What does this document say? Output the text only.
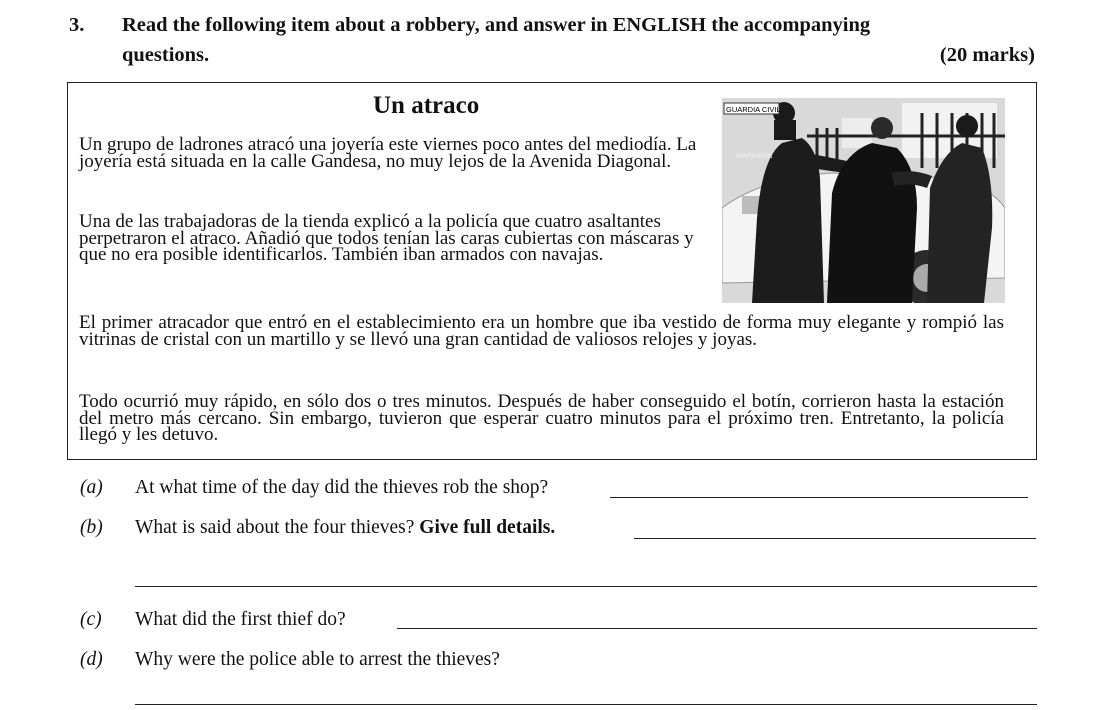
3. Read the following item about a robbery, and answer in ENGLISH the accompanying
questions.	(20 marks)
Un atraco
Un grupo de ladrones atracó una joyería este viernes poco antes del mediodía. La joyería está situada en la calle Gandesa, no muy lejos de la Avenida Diagonal.
Una de las trabajadoras de la tienda explicó a la policía que cuatro asaltantes perpetraron el atraco. Añadió que todos tenían las caras cubiertas con máscaras y que no era posible identificarlos. También iban armados con navajas.
El primer atracador que entró en el establecimiento era un hombre que iba vestido de forma muy elegante y rompió las vitrinas de cristal con un martillo y se llevó una gran cantidad de valiosos relojes y joyas.
Todo ocurrió muy rápido, en sólo dos o tres minutos. Después de haber conseguido el botín, corrieron hasta la estación del metro más cercano. Sin embargo, tuvieron que esperar cuatro minutos para el próximo tren. Entretanto, la policía llegó y les detuvo.
GUARDIA CIVIL
MINTERIOR
(a) At what time of the day did the thieves rob the shop?
(b) What is said about the four thieves? Give full details.
(c) What did the first thief do?
(d) Why were the police able to arrest the thieves?
